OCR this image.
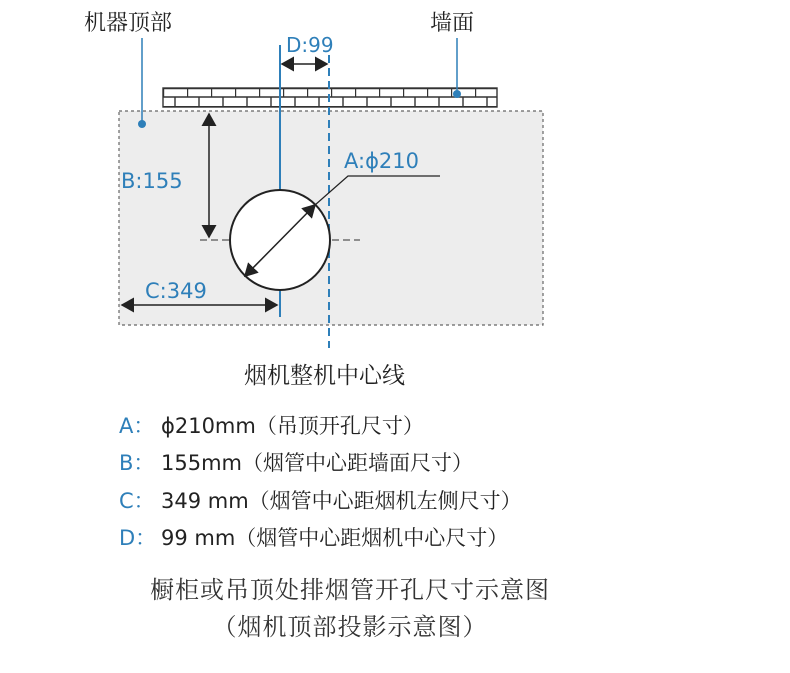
机器顶部	墙面
D:99
A:ϕ210
B:155
C:349
烟机整机中心线
A： ϕ210mm（吊顶开孔尺寸）
B： 155mm（烟管中心距墙面尺寸）
C： 349 mm（烟管中心距烟机左侧尺寸）
D： 99 mm（烟管中心距烟机中心尺寸）
橱柜或吊顶处排烟管开孔尺寸示意图
（烟机顶部投影示意图）
